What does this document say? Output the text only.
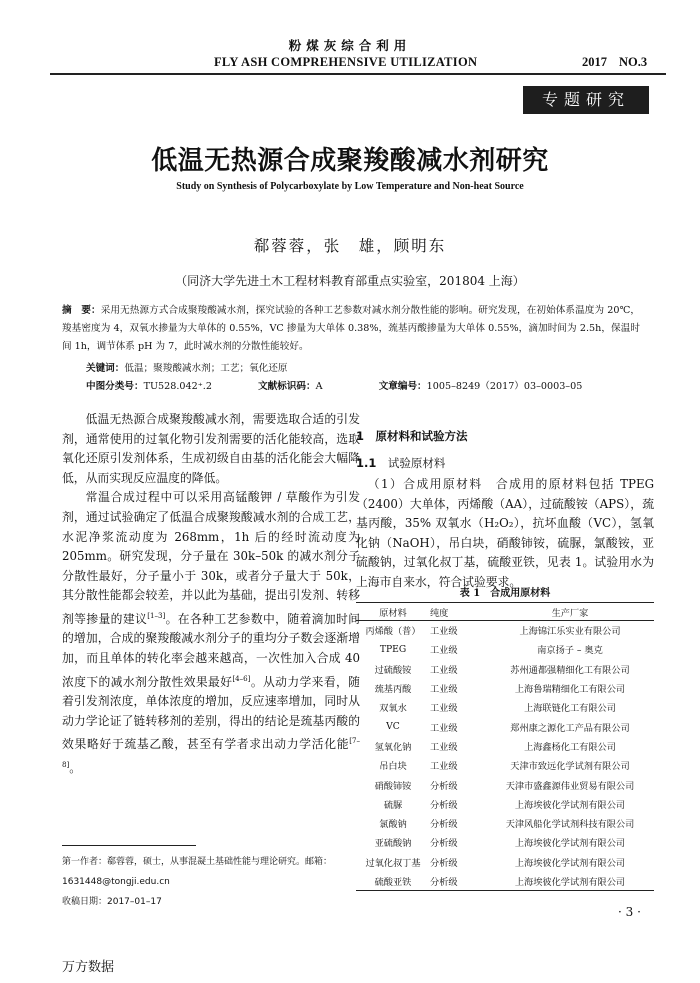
粉煤灰综合利用
FLY ASH COMPREHENSIVE UTILIZATION	2017 NO.3
专题研究
低温无热源合成聚羧酸减水剂研究
Study on Synthesis of Polycarboxylate by Low Temperature and Non-heat Source
郗蓉蓉，张　雄，顾明东
（同济大学先进土木工程材料教育部重点实验室，201804 上海）
摘　要：采用无热源方式合成聚羧酸减水剂，探究试验的各种工艺参数对减水剂分散性能的影响。研究发现，在初始体系温度为 20℃，羧基密度为 4，双氧水掺量为大单体的 0.55%，VC 掺量为大单体 0.38%，巯基丙酸掺量为大单体 0.55%，滴加时间为 2.5h，保温时间 1h，调节体系 pH 为 7，此时减水剂的分散性能较好。
关键词：低温；聚羧酸减水剂；工艺；氧化还原
中图分类号：TU528.042⁺.2	文献标识码：A	文章编号：1005–8249（2017）03–0003–05

低温无热源合成聚羧酸减水剂，需要选取合适的引发剂，通常使用的过氧化物引发剂需要的活化能较高，选取氧化还原引发剂体系，生成初级自由基的活化能会大幅降低，从而实现反应温度的降低。

常温合成过程中可以采用高锰酸钾 / 草酸作为引发剂，通过试验确定了低温合成聚羧酸减水剂的合成工艺，水泥净浆流动度为 268mm，1h 后的经时流动度为 205mm。研究发现，分子量在 30k–50k 的减水剂分子分散性最好，分子量小于 30k，或者分子量大于 50k，其分散性能都会较差，并以此为基础，提出引发剂、转移剂等掺量的建议[1–3]。在各种工艺参数中，随着滴加时间的增加，合成的聚羧酸减水剂分子的重均分子数会逐渐增加，而且单体的转化率会越来越高，一次性加入合成 40 浓度下的减水剂分散性效果最好[4–6]。从动力学来看，随着引发剂浓度，单体浓度的增加，反应速率增加，同时从动力学论证了链转移剂的差别，得出的结论是巯基丙酸的效果略好于巯基乙酸，甚至有学者求出动力学活化能[7–8]。

1　原材料和试验方法
1.1　 试验原材料

（1）合成用原材料　合成用的原材料包括 TPEG（2400）大单体，丙烯酸（AA），过硫酸铵（APS），巯基丙酸，35% 双氧水（H₂O₂），抗坏血酸（VC），氢氧化钠（NaOH），吊白块，硝酸铈铵，硫脲，氯酸铵，亚硫酸钠，过氧化叔丁基，硫酸亚铁，见表 1。试验用水为上海市自来水，符合试验要求。

表 1　合成用原材料
原材料	纯度	生产厂家
丙烯酸（普）	工业级	上海锦江乐实业有限公司
TPEG	工业级	南京扬子 – 奥克
过硫酸铵	工业级	苏州通都强精细化工有限公司
巯基丙酸	工业级	上海鲁瑞精细化工有限公司
双氧水	工业级	上海联链化工有限公司
VC	工业级	郑州康之源化工产品有限公司
氢氧化钠	工业级	上海鑫杨化工有限公司
吊白块	工业级	天津市致远化学试剂有限公司
硝酸铈铵	分析级	天津市盛鑫源伟业贸易有限公司
硫脲	分析级	上海埃彼化学试剂有限公司
氯酸钠	分析级	天津风船化学试剂科技有限公司
亚硫酸钠	分析级	上海埃彼化学试剂有限公司
过氧化叔丁基	分析级	上海埃彼化学试剂有限公司
硫酸亚铁	分析级	上海埃彼化学试剂有限公司
第一作者：郗蓉蓉，硕士，从事混凝土基础性能与理论研究。邮箱：1631448@tongji.edu.cn
收稿日期：2017–01–17
· 3 ·
万方数据
